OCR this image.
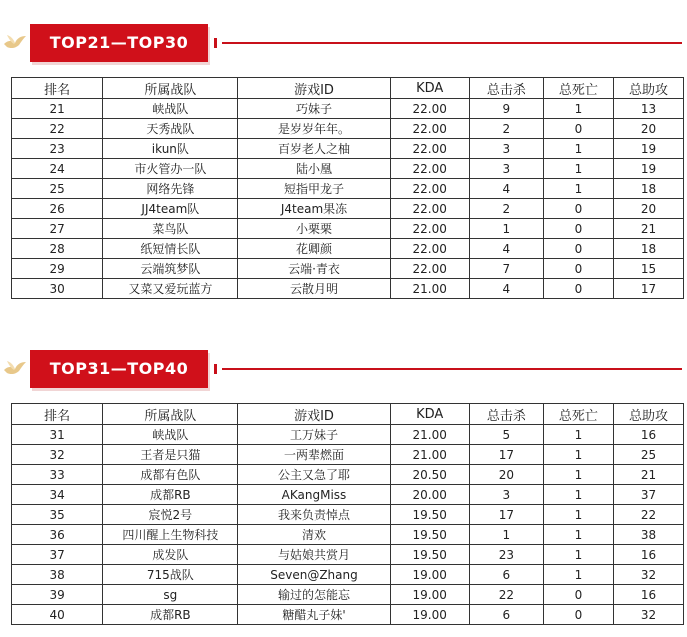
TOP21—TOP30
排名	所属战队	游戏ID	KDA	总击杀	总死亡	总助攻
21	峡战队	巧妹子	22.00	9	1	13
22	天秀战队	是岁岁年年。	22.00	2	0	20
23	ikun队	百岁老人之柚	22.00	3	1	19
24	市火管办一队	陆小凰	22.00	3	1	19
25	网络先锋	短指甲龙子	22.00	4	1	18
26	JJ4team队	J4team果冻	22.00	2	0	20
27	菜鸟队	小栗栗	22.00	1	0	21
28	纸短情长队	花卿颜	22.00	4	0	18
29	云端筑梦队	云端·青衣	22.00	7	0	15
30	又菜又爱玩蓝方	云散月明	21.00	4	0	17
TOP31—TOP40
排名	所属战队	游戏ID	KDA	总击杀	总死亡	总助攻
31	峡战队	工万妹子	21.00	5	1	16
32	王者是只猫	一两辈燃面	21.00	17	1	25
33	成都有色队	公主又急了耶	20.50	20	1	21
34	成都RB	AKangMiss	20.00	3	1	37
35	宸悦2号	我来负责悼点	19.50	17	1	22
36	四川醒上生物科技	清欢	19.50	1	1	38
37	成发队	与姑娘共赏月	19.50	23	1	16
38	715战队	Seven@Zhang	19.00	6	1	32
39	sg	输过的怎能忘	19.00	22	0	16
40	成都RB	糖醋丸子妹'	19.00	6	0	32
